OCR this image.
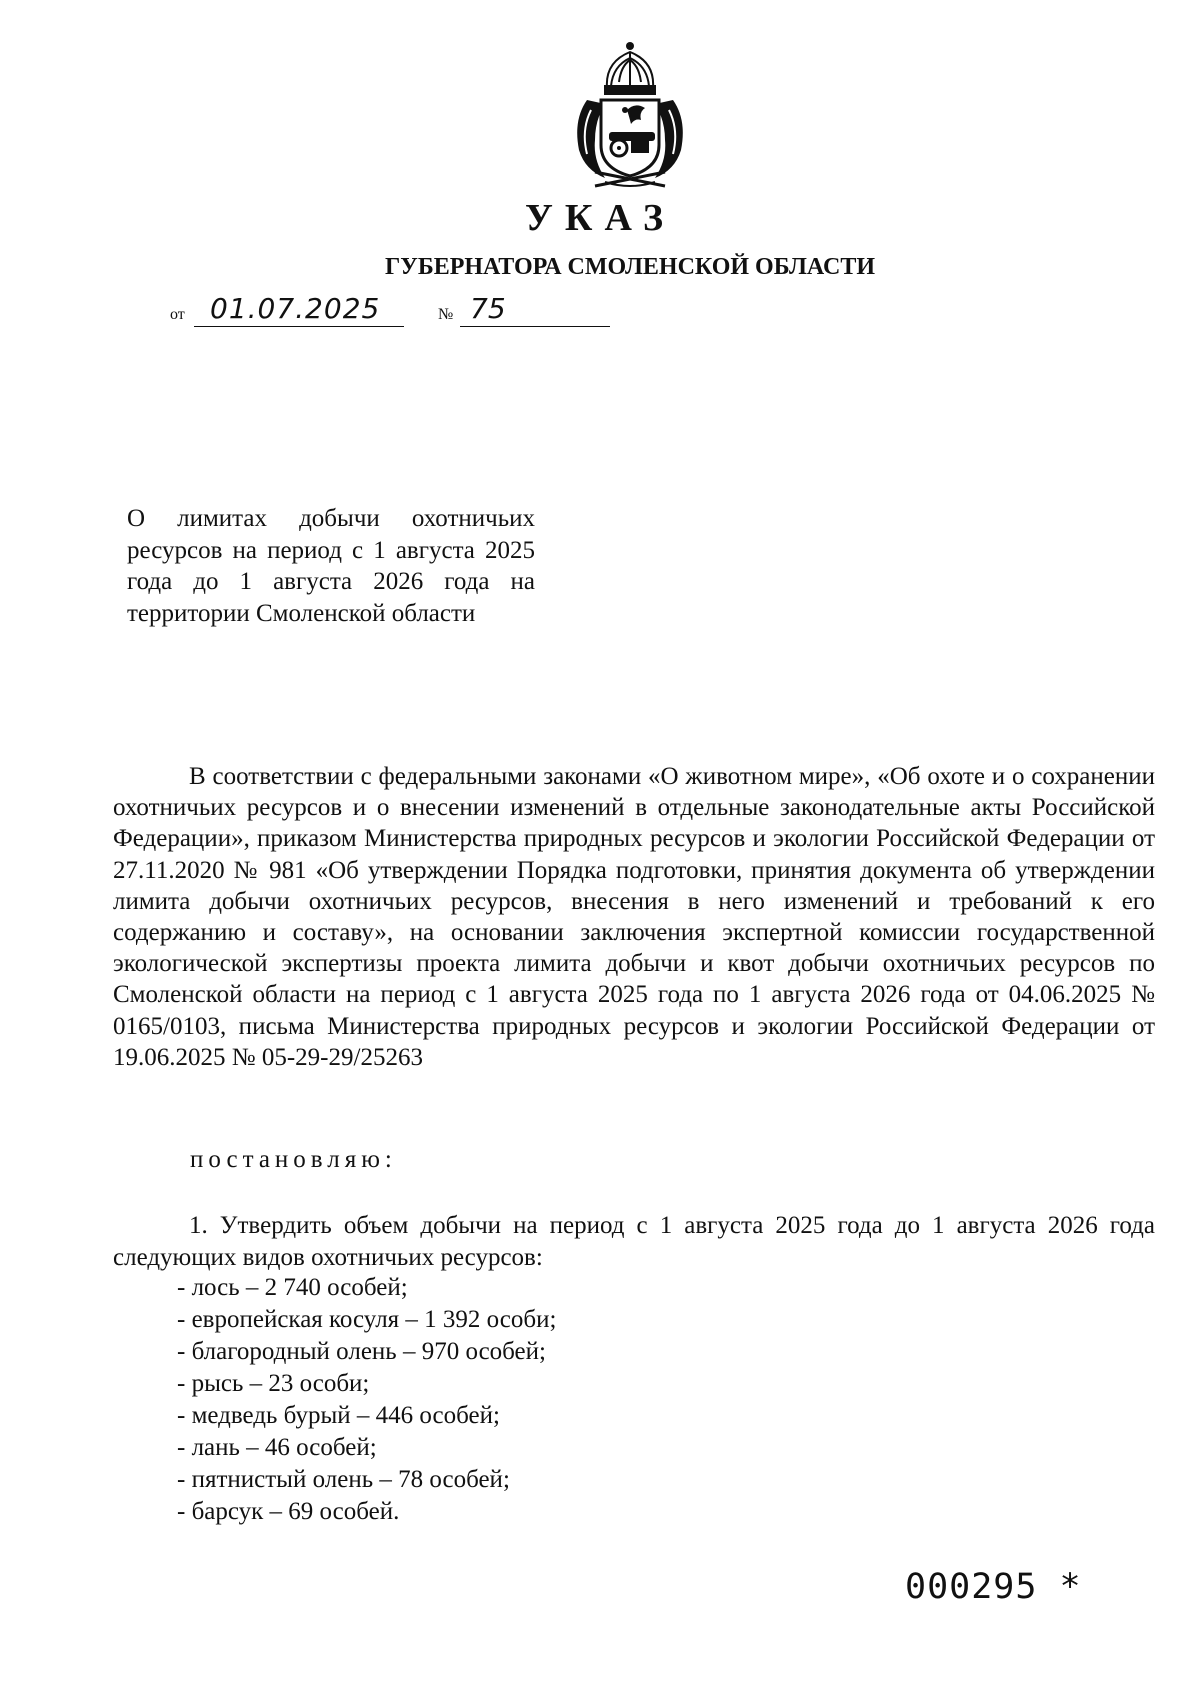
УКАЗ
ГУБЕРНАТОРА СМОЛЕНСКОЙ ОБЛАСТИ
от 01.07.2025	№ 75
О лимитах добычи охотничьих ресурсов на период с 1 августа 2025 года до 1 августа 2026 года на территории Смоленской области
В соответствии с федеральными законами «О животном мире», «Об охоте и о сохранении охотничьих ресурсов и о внесении изменений в отдельные законодательные акты Российской Федерации», приказом Министерства природных ресурсов и экологии Российской Федерации от 27.11.2020 № 981 «Об утверждении Порядка подготовки, принятия документа об утверждении лимита добычи охотничьих ресурсов, внесения в него изменений и требований к его содержанию и составу», на основании заключения экспертной комиссии государственной экологической экспертизы проекта лимита добычи и квот добычи охотничьих ресурсов по Смоленской области на период с 1 августа 2025 года по 1 августа 2026 года от 04.06.2025 № 0165/0103, письма Министерства природных ресурсов и экологии Российской Федерации от 19.06.2025 № 05-29-29/25263
постановляю:
1. Утвердить объем добычи на период с 1 августа 2025 года до 1 августа 2026 года следующих видов охотничьих ресурсов:
- лось – 2 740 особей;
- европейская косуля – 1 392 особи;
- благородный олень – 970 особей;
- рысь – 23 особи;
- медведь бурый – 446 особей;
- лань – 46 особей;
- пятнистый олень – 78 особей;
- барсук – 69 особей.
000295 *
